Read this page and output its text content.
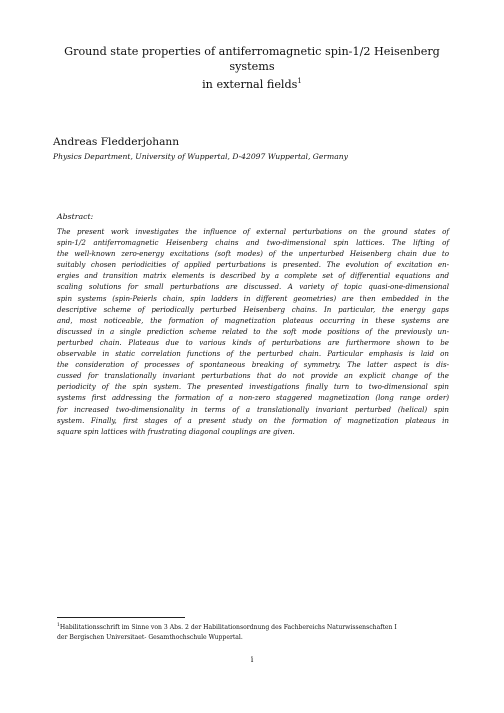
Ground state properties of antiferromagnetic spin-1/2 Heisenberg systems
in external fields$^1$
Andreas Fledderjohann
Physics Department, University of Wuppertal, D-42097 Wuppertal, Germany
Abstract:
The present work investigates the influence of external perturbations on the ground states of
spin-1/2 antiferromagnetic Heisenberg chains and two-dimensional spin lattices. The lifting of
the well-known zero-energy excitations (soft modes) of the unperturbed Heisenberg chain due to
suitably chosen periodicities of applied perturbations is presented. The evolution of excitation en-
ergies and transition matrix elements is described by a complete set of differential equations and
scaling solutions for small perturbations are discussed. A variety of topic quasi-one-dimensional
spin systems (spin-Peierls chain, spin ladders in different geometries) are then embedded in the
descriptive scheme of periodically perturbed Heisenberg chains. In particular, the energy gaps
and, most noticeable, the formation of magnetization plateaus occurring in these systems are
discussed in a single prediction scheme related to the soft mode positions of the previously un-
perturbed chain. Plateaus due to various kinds of perturbations are furthermore shown to be
observable in static correlation functions of the perturbed chain. Particular emphasis is laid on
the consideration of processes of spontaneous breaking of symmetry. The latter aspect is dis-
cussed for translationally invariant perturbations that do not provide an explicit change of the
periodicity of the spin system. The presented investigations finally turn to two-dimensional spin
systems first addressing the formation of a non-zero staggered magnetization (long range order)
for increased two-dimensionality in terms of a translationally invariant perturbed (helical) spin
system. Finally, first stages of a present study on the formation of magnetization plateaus in
square spin lattices with frustrating diagonal couplings are given.
$^1$Habilitationsschrift im Sinne von 3 Abs. 2 der Habilitationsordnung des Fachbereichs Naturwissenschaften I
der Bergischen Universitaet- Gesamthochschule Wuppertal.
i
